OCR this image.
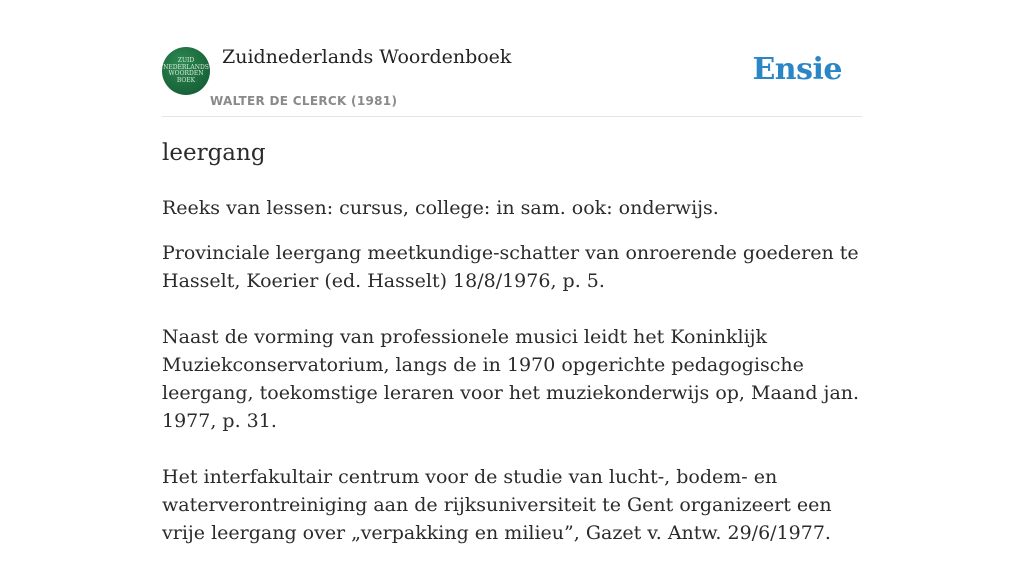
ZUID
NEDERLANDS
WOORDEN
BOEK
Zuidnederlands Woordenboek
WALTER DE CLERCK (1981)
Ensie
leergang

Reeks van lessen: cursus, college: in sam. ook: onderwijs.

Provinciale leergang meetkundige-schatter van onroerende goederen te Hasselt, Koerier (ed. Hasselt) 18/8/1976, p. 5.

Naast de vorming van professionele musici leidt het Koninklijk Muziekconservatorium, langs de in 1970 opgerichte pedagogische leergang, toekomstige leraren voor het muziekonderwijs op, Maand jan. 1977, p. 31.

Het interfakultair centrum voor de studie van lucht-, bodem- en waterverontreiniging aan de rijksuniversiteit te Gent organizeert een vrije leergang over „verpakking en milieu”, Gazet v. Antw. 29/6/1977.
